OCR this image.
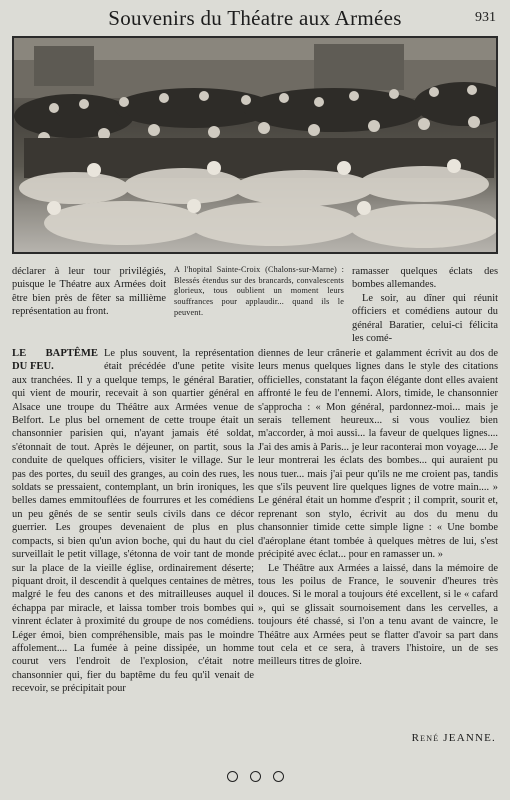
Souvenirs du Théatre aux Armées	931

déclarer à leur tour privilégiés, puisque le Théatre aux Armées doit être bien près de fêter sa millième représentation au front.

A l'hopital Sainte-Croix (Chalons-sur-Marne) : Blessés étendus sur des brancards, convalescents glorieux, tous oublient un moment leurs souffrances pour applaudir... quand ils le peuvent.

ramasser quelques éclats des bombes allemandes.

Le soir, au dîner qui réunit officiers et comédiens autour du général Baratier, celui-ci félicita les comé-

LE BAPTÊME DU FEU.

Le plus souvent, la représentation était précédée d'une petite visite aux tranchées. Il y a quelque temps, le général Baratier, qui vient de mourir, recevait à son quartier général en Alsace une troupe du Théâtre aux Armées venue de Belfort. Le plus bel ornement de cette troupe était un chansonnier parisien qui, n'ayant jamais été soldat, s'étonnait de tout. Après le déjeuner, on partit, sous la conduite de quelques officiers, visiter le village. Sur le pas des portes, du seuil des granges, au coin des rues, les soldats se pressaient, contemplant, un brin ironiques, les belles dames emmitouflées de fourrures et les comédiens un peu gênés de se sentir seuls civils dans ce décor guerrier. Les groupes devenaient de plus en plus compacts, si bien qu'un avion boche, qui du haut du ciel surveillait le petit village, s'étonna de voir tant de monde sur la place de la vieille église, ordinairement déserte; piquant droit, il descendit à quelques centaines de mètres, malgré le feu des canons et des mitrailleuses auquel il échappa par miracle, et laissa tomber trois bombes qui vinrent éclater à proximité du groupe de nos comédiens. Léger émoi, bien compréhensible, mais pas le moindre affolement.... La fumée à peine dissipée, un homme courut vers l'endroit de l'explosion, c'était notre chansonnier qui, fier du baptême du feu qu'il venait de recevoir, se précipitait pour

diennes de leur crânerie et galamment écrivit au dos de leurs menus quelques lignes dans le style des citations officielles, constatant la façon élégante dont elles avaient affronté le feu de l'ennemi. Alors, timide, le chansonnier s'approcha : « Mon général, pardonnez-moi... mais je serais tellement heureux... si vous vouliez bien m'accorder, à moi aussi... la faveur de quelques lignes.... J'ai des amis à Paris... je leur raconterai mon voyage.... Je leur montrerai les éclats des bombes... qui auraient pu nous tuer... mais j'ai peur qu'ils ne me croient pas, tandis que s'ils peuvent lire quelques lignes de votre main.... » Le général était un homme d'esprit ; il comprit, sourit et, reprenant son stylo, écrivit au dos du menu du chansonnier timide cette simple ligne : « Une bombe d'aéroplane étant tombée à quelques mètres de lui, s'est précipité avec éclat... pour en ramasser un. »

Le Théâtre aux Armées a laissé, dans la mémoire de tous les poilus de France, le souvenir d'heures très douces. Si le moral a toujours été excellent, si le « cafard », qui se glissait sournoisement dans les cervelles, a toujours été chassé, si l'on a tenu avant de vaincre, le Théâtre aux Armées peut se flatter d'avoir sa part dans tout cela et ce sera, à travers l'histoire, un de ses meilleurs titres de gloire.

René JEANNE.
